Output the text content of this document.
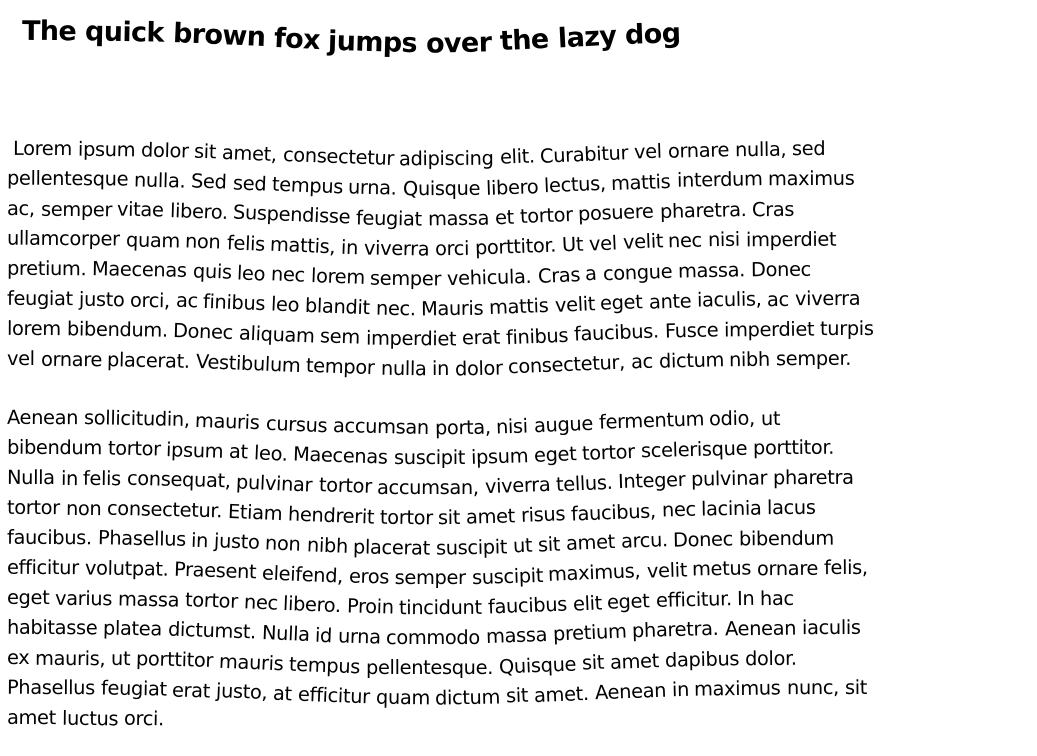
The quick brown fox jumps over the lazy dog
Lorem ipsum dolor sit amet, consectetur adipiscing elit. Curabitur vel ornare nulla, sed
pellentesque nulla. Sed sed tempus urna. Quisque libero lectus, mattis interdum maximus
ac, semper vitae libero. Suspendisse feugiat massa et tortor posuere pharetra. Cras
ullamcorper quam non felis mattis, in viverra orci porttitor. Ut vel velit nec nisi imperdiet
pretium. Maecenas quis leo nec lorem semper vehicula. Cras a congue massa. Donec
feugiat justo orci, ac finibus leo blandit nec. Mauris mattis velit eget ante iaculis, ac viverra
lorem bibendum. Donec aliquam sem imperdiet erat finibus faucibus. Fusce imperdiet turpis
vel ornare placerat. Vestibulum tempor nulla in dolor consectetur, ac dictum nibh semper.
Aenean sollicitudin, mauris cursus accumsan porta, nisi augue fermentum odio, ut
bibendum tortor ipsum at leo. Maecenas suscipit ipsum eget tortor scelerisque porttitor.
Nulla in felis consequat, pulvinar tortor accumsan, viverra tellus. Integer pulvinar pharetra
tortor non consectetur. Etiam hendrerit tortor sit amet risus faucibus, nec lacinia lacus
faucibus. Phasellus in justo non nibh placerat suscipit ut sit amet arcu. Donec bibendum
efficitur volutpat. Praesent eleifend, eros semper suscipit maximus, velit metus ornare felis,
eget varius massa tortor nec libero. Proin tincidunt faucibus elit eget efficitur. In hac
habitasse platea dictumst. Nulla id urna commodo massa pretium pharetra. Aenean iaculis
ex mauris, ut porttitor mauris tempus pellentesque. Quisque sit amet dapibus dolor.
Phasellus feugiat erat justo, at efficitur quam dictum sit amet. Aenean in maximus nunc, sit
amet luctus orci.
